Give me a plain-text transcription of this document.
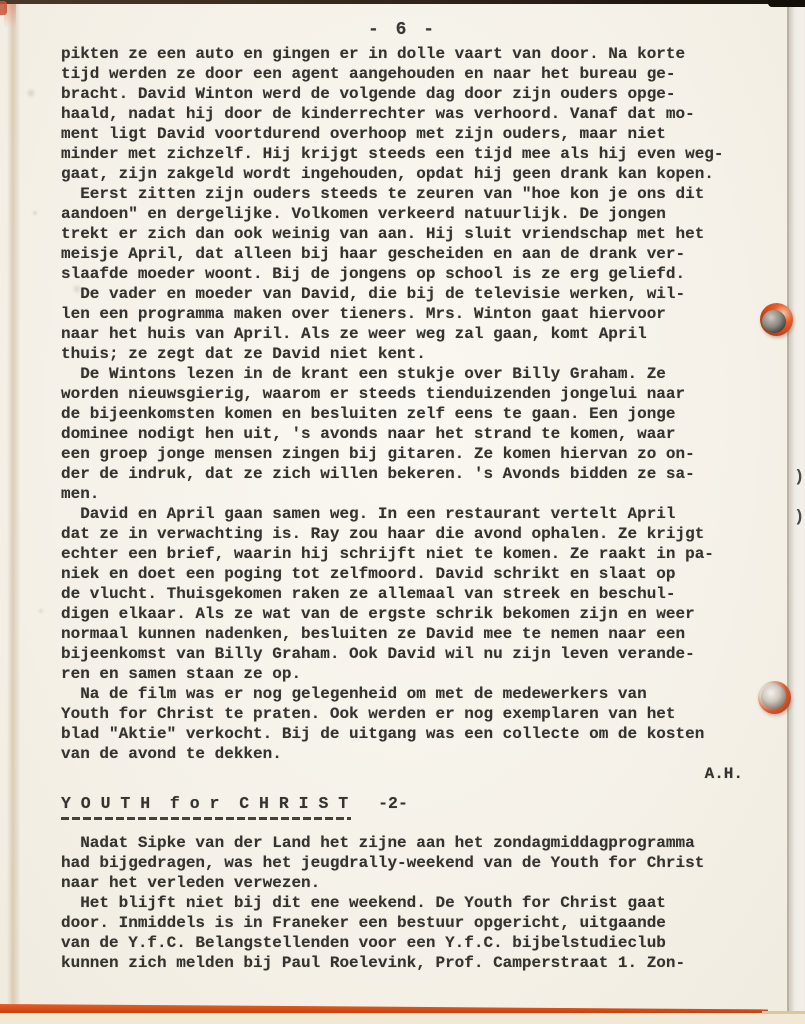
- 6 -
pikten ze een auto en gingen er in dolle vaart van door. Na korte
tijd werden ze door een agent aangehouden en naar het bureau ge-
bracht. David Winton werd de volgende dag door zijn ouders opge-
haald, nadat hij door de kinderrechter was verhoord. Vanaf dat mo-
ment ligt David voortdurend overhoop met zijn ouders, maar niet
minder met zichzelf. Hij krijgt steeds een tijd mee als hij even weg-
gaat, zijn zakgeld wordt ingehouden, opdat hij geen drank kan kopen.
Eerst zitten zijn ouders steeds te zeuren van "hoe kon je ons dit
aandoen" en dergelijke. Volkomen verkeerd natuurlijk. De jongen
trekt er zich dan ook weinig van aan. Hij sluit vriendschap met het
meisje April, dat alleen bij haar gescheiden en aan de drank ver-
slaafde moeder woont. Bij de jongens op school is ze erg geliefd.
De vader en moeder van David, die bij de televisie werken, wil-
len een programma maken over tieners. Mrs. Winton gaat hiervoor
naar het huis van April. Als ze weer weg zal gaan, komt April
thuis; ze zegt dat ze David niet kent.
De Wintons lezen in de krant een stukje over Billy Graham. Ze
worden nieuwsgierig, waarom er steeds tienduizenden jongelui naar
de bijeenkomsten komen en besluiten zelf eens te gaan. Een jonge
dominee nodigt hen uit, 's avonds naar het strand te komen, waar
een groep jonge mensen zingen bij gitaren. Ze komen hiervan zo on-
der de indruk, dat ze zich willen bekeren. 's Avonds bidden ze sa-
men.
David en April gaan samen weg. In een restaurant vertelt April
dat ze in verwachting is. Ray zou haar die avond ophalen. Ze krijgt
echter een brief, waarin hij schrijft niet te komen. Ze raakt in pa-
niek en doet een poging tot zelfmoord. David schrikt en slaat op
de vlucht. Thuisgekomen raken ze allemaal van streek en beschul-
digen elkaar. Als ze wat van de ergste schrik bekomen zijn en weer
normaal kunnen nadenken, besluiten ze David mee te nemen naar een
bijeenkomst van Billy Graham. Ook David wil nu zijn leven verande-
ren en samen staan ze op.
Na de film was er nog gelegenheid om met de medewerkers van
Youth for Christ te praten. Ook werden er nog exemplaren van het
blad "Aktie" verkocht. Bij de uitgang was een collecte om de kosten
van de avond te dekken.
A.H.
Y O U T H  f o r  C H R I S T -2-
Nadat Sipke van der Land het zijne aan het zondagmiddagprogramma
had bijgedragen, was het jeugdrally-weekend van de Youth for Christ
naar het verleden verwezen.
Het blijft niet bij dit ene weekend. De Youth for Christ gaat
door. Inmiddels is in Franeker een bestuur opgericht, uitgaande
van de Y.f.C. Belangstellenden voor een Y.f.C. bijbelstudieclub
kunnen zich melden bij Paul Roelevink, Prof. Camperstraat 1. Zon-
)
)
